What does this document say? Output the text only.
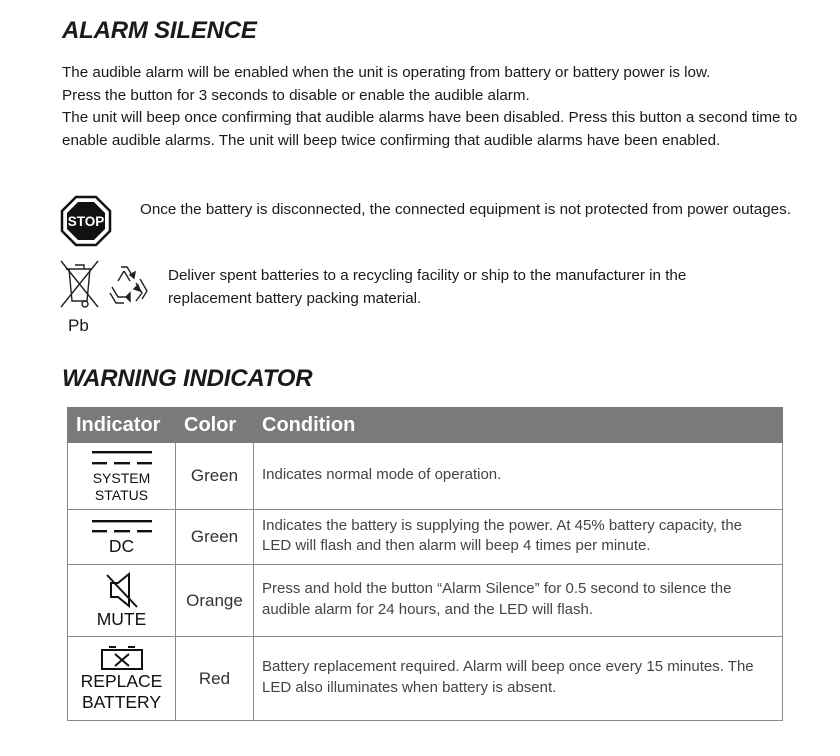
ALARM SILENCE

The audible alarm will be enabled when the unit is operating from battery or battery power is low.

Press the button for 3 seconds to disable or enable the audible alarm.

The unit will beep once confirming that audible alarms have been disabled. Press this button a second time to enable audible alarms. The unit will beep twice confirming that audible alarms have been enabled.

STOP
Once the battery is disconnected, the connected equipment is not protected from power outages.
Pb
Deliver spent batteries to a recycling facility or ship to the manufacturer in the replacement battery packing material.
WARNING INDICATOR
Indicator	Color	Condition

SYSTEM
STATUS	Green	Indicates normal mode of operation.

DC	Green	Indicates the battery is supplying the power. At 45% battery capacity, the LED will flash and then alarm will beep 4 times per minute.

MUTE	Orange	Press and hold the button “Alarm Silence” for 0.5 second to silence the audible alarm for 24 hours, and the LED will flash.

REPLACE
BATTERY	Red	Battery replacement required. Alarm will beep once every 15 minutes. The LED also illuminates when battery is absent.
